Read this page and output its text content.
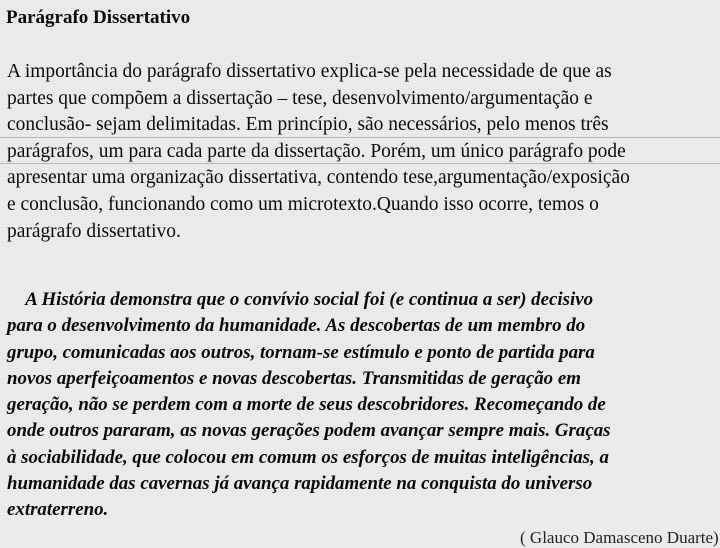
Parágrafo Dissertativo
A importância do parágrafo dissertativo explica-se pela necessidade de que as
partes que compõem a dissertação – tese, desenvolvimento/argumentação e
conclusão- sejam delimitadas. Em princípio, são necessários, pelo menos três
parágrafos, um para cada parte da dissertação. Porém, um único parágrafo pode
apresentar uma organização dissertativa, contendo tese,argumentação/exposição
e conclusão, funcionando como um microtexto.Quando isso ocorre, temos o
parágrafo dissertativo.
A História demonstra que o convívio social foi (e continua a ser) decisivo
para o desenvolvimento da humanidade. As descobertas de um membro do
grupo, comunicadas aos outros, tornam-se estímulo e ponto de partida para
novos aperfeiçoamentos e novas descobertas. Transmitidas de geração em
geração, não se perdem com a morte de seus descobridores. Recomeçando de
onde outros pararam, as novas gerações podem avançar sempre mais. Graças
à sociabilidade, que colocou em comum os esforços de muitas inteligências, a
humanidade das cavernas já avança rapidamente na conquista do universo
extraterreno.
( Glauco Damasceno Duarte)
